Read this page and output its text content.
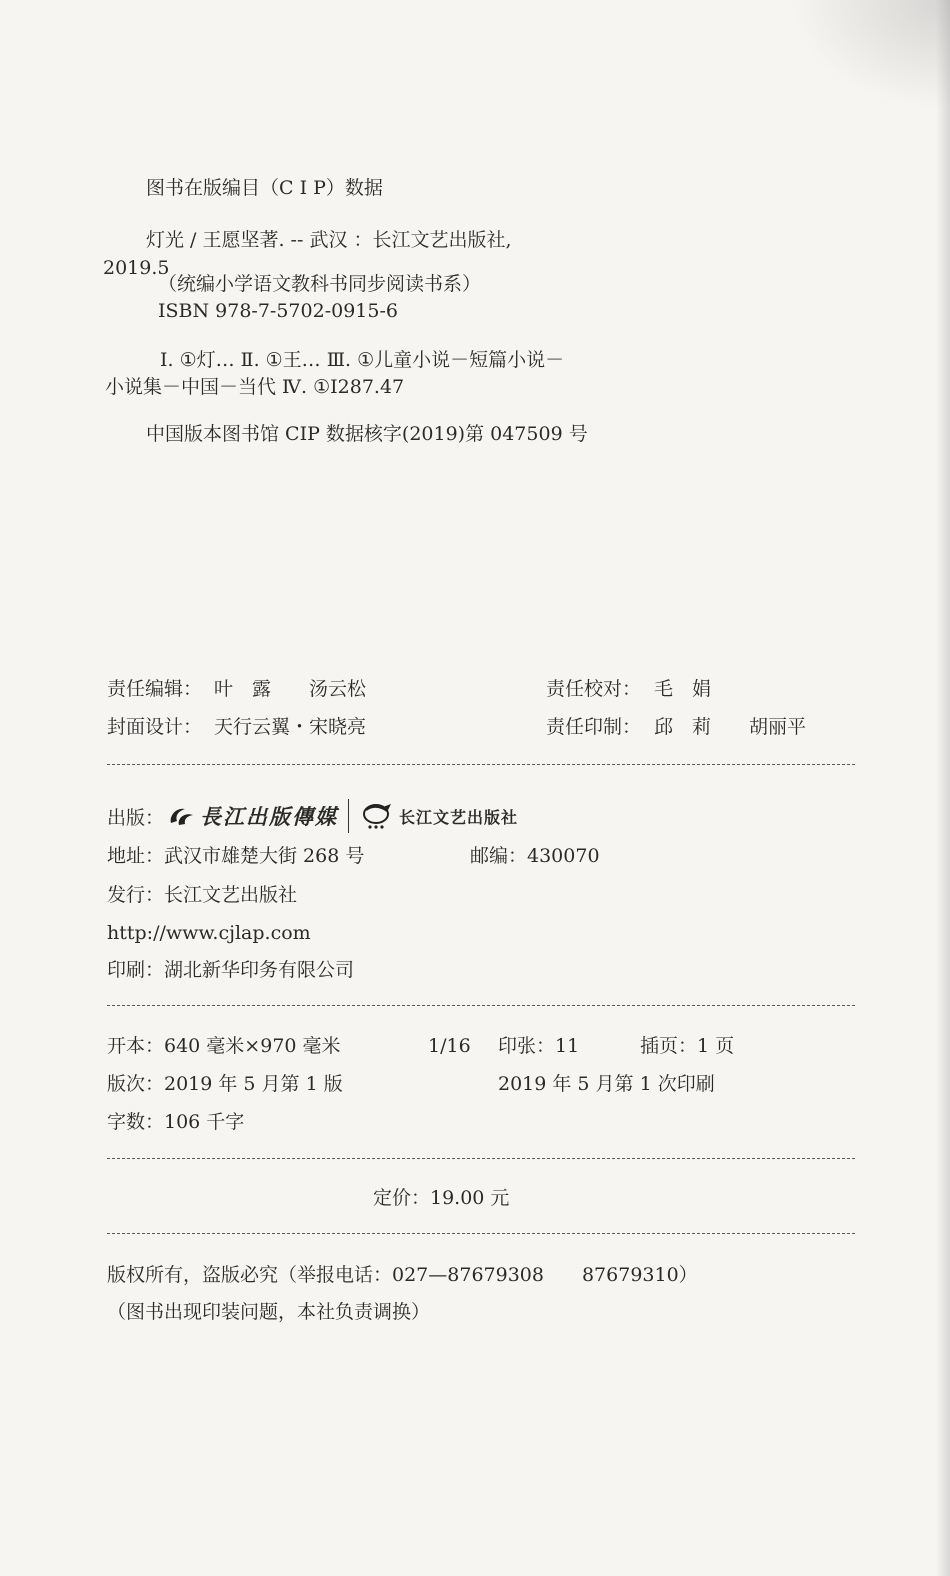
图书在版编目（C I P）数据
灯光 / 王愿坚著. -- 武汉 ：长江文艺出版社,
2019.5
（统编小学语文教科书同步阅读书系）
ISBN 978-7-5702-0915-6
Ⅰ. ①灯… Ⅱ. ①王… Ⅲ. ①儿童小说－短篇小说－
小说集－中国－当代 Ⅳ. ①I287.47
中国版本图书馆 CIP 数据核字(2019)第 047509 号
责任编辑： 叶　露　　汤云松	责任校对： 毛　娟
封面设计： 天行云翼・宋晓亮	责任印制： 邱　莉　　胡丽平
出版： 長江出版傳媒	长江文艺出版社
地址：武汉市雄楚大街 268 号	邮编：430070
发行：长江文艺出版社
http://www.cjlap.com
印刷：湖北新华印务有限公司
开本：640 毫米×970 毫米	1/16 印张：11	插页：1 页
版次：2019 年 5 月第 1 版	2019 年 5 月第 1 次印刷
字数：106 千字
定价：19.00 元
版权所有，盗版必究（举报电话：027—87679308　　87679310）
（图书出现印装问题，本社负责调换）
